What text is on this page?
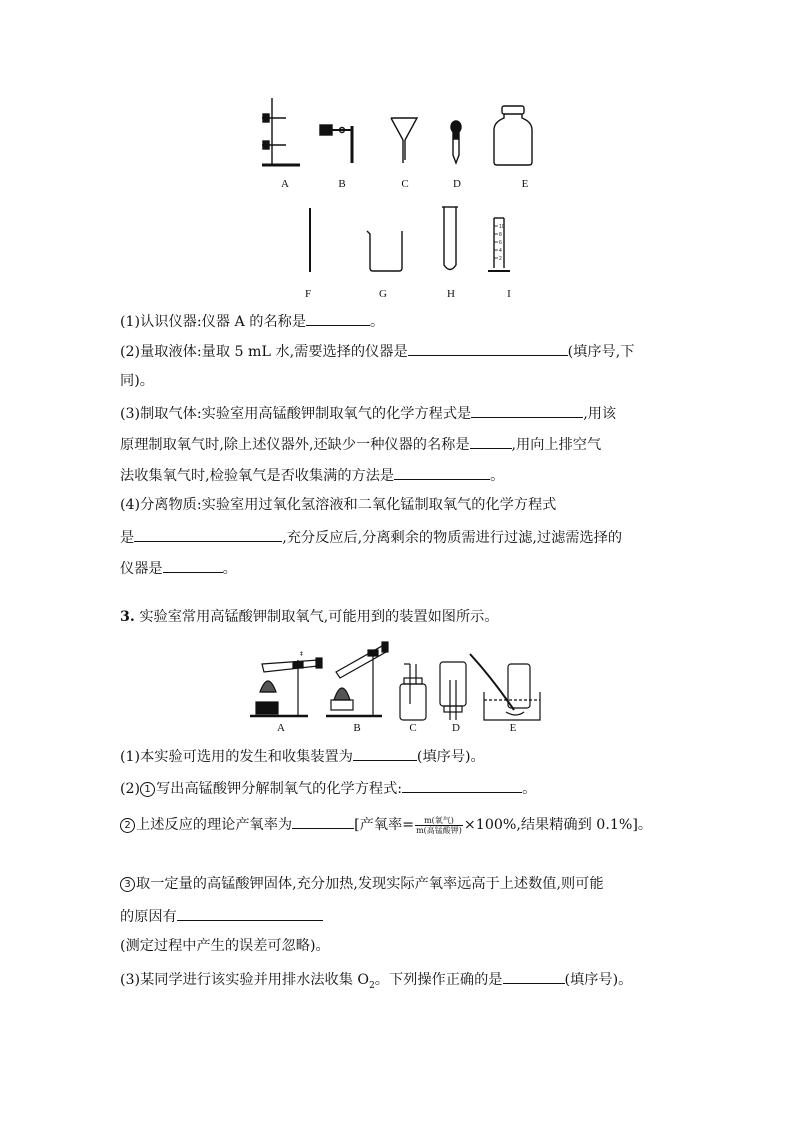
10
8
6
4
2
A	B	C	D	E
F	G	H	I
(1)认识仪器:仪器 A 的名称是	。
(2)量取液体:量取 5 mL 水,需要选择的仪器是	(填序号,下
同)。
(3)制取气体:实验室用高锰酸钾制取氧气的化学方程式是	,用该
原理制取氧气时,除上述仪器外,还缺少一种仪器的名称是	,用向上排空气
法收集氧气时,检验氧气是否收集满的方法是	。
(4)分离物质:实验室用过氧化氢溶液和二氧化锰制取氧气的化学方程式
是	,充分反应后,分离剩余的物质需进行过滤,过滤需选择的
仪器是	。
3. 实验室常用高锰酸钾制取氧气,可能用到的装置如图所示。
ǂ
A	B	C	D	E
(1)本实验可选用的发生和收集装置为	(填序号)。
(2) 1 写出高锰酸钾分解制氧气的化学方程式:	。
2 上述反应的理论产氧率为	[产氧率= $\frac{\text{m(氧气)}}{\text{m(高锰酸钾)}} \times 100\%$,结果精确到 0.1%]。
3 取一定量的高锰酸钾固体,充分加热,发现实际产氧率远高于上述数值,则可能
的原因有
(测定过程中产生的误差可忽略)。
(3)某同学进行该实验并用排水法收集 $O_2$。下列操作正确的是	(填序号)。
